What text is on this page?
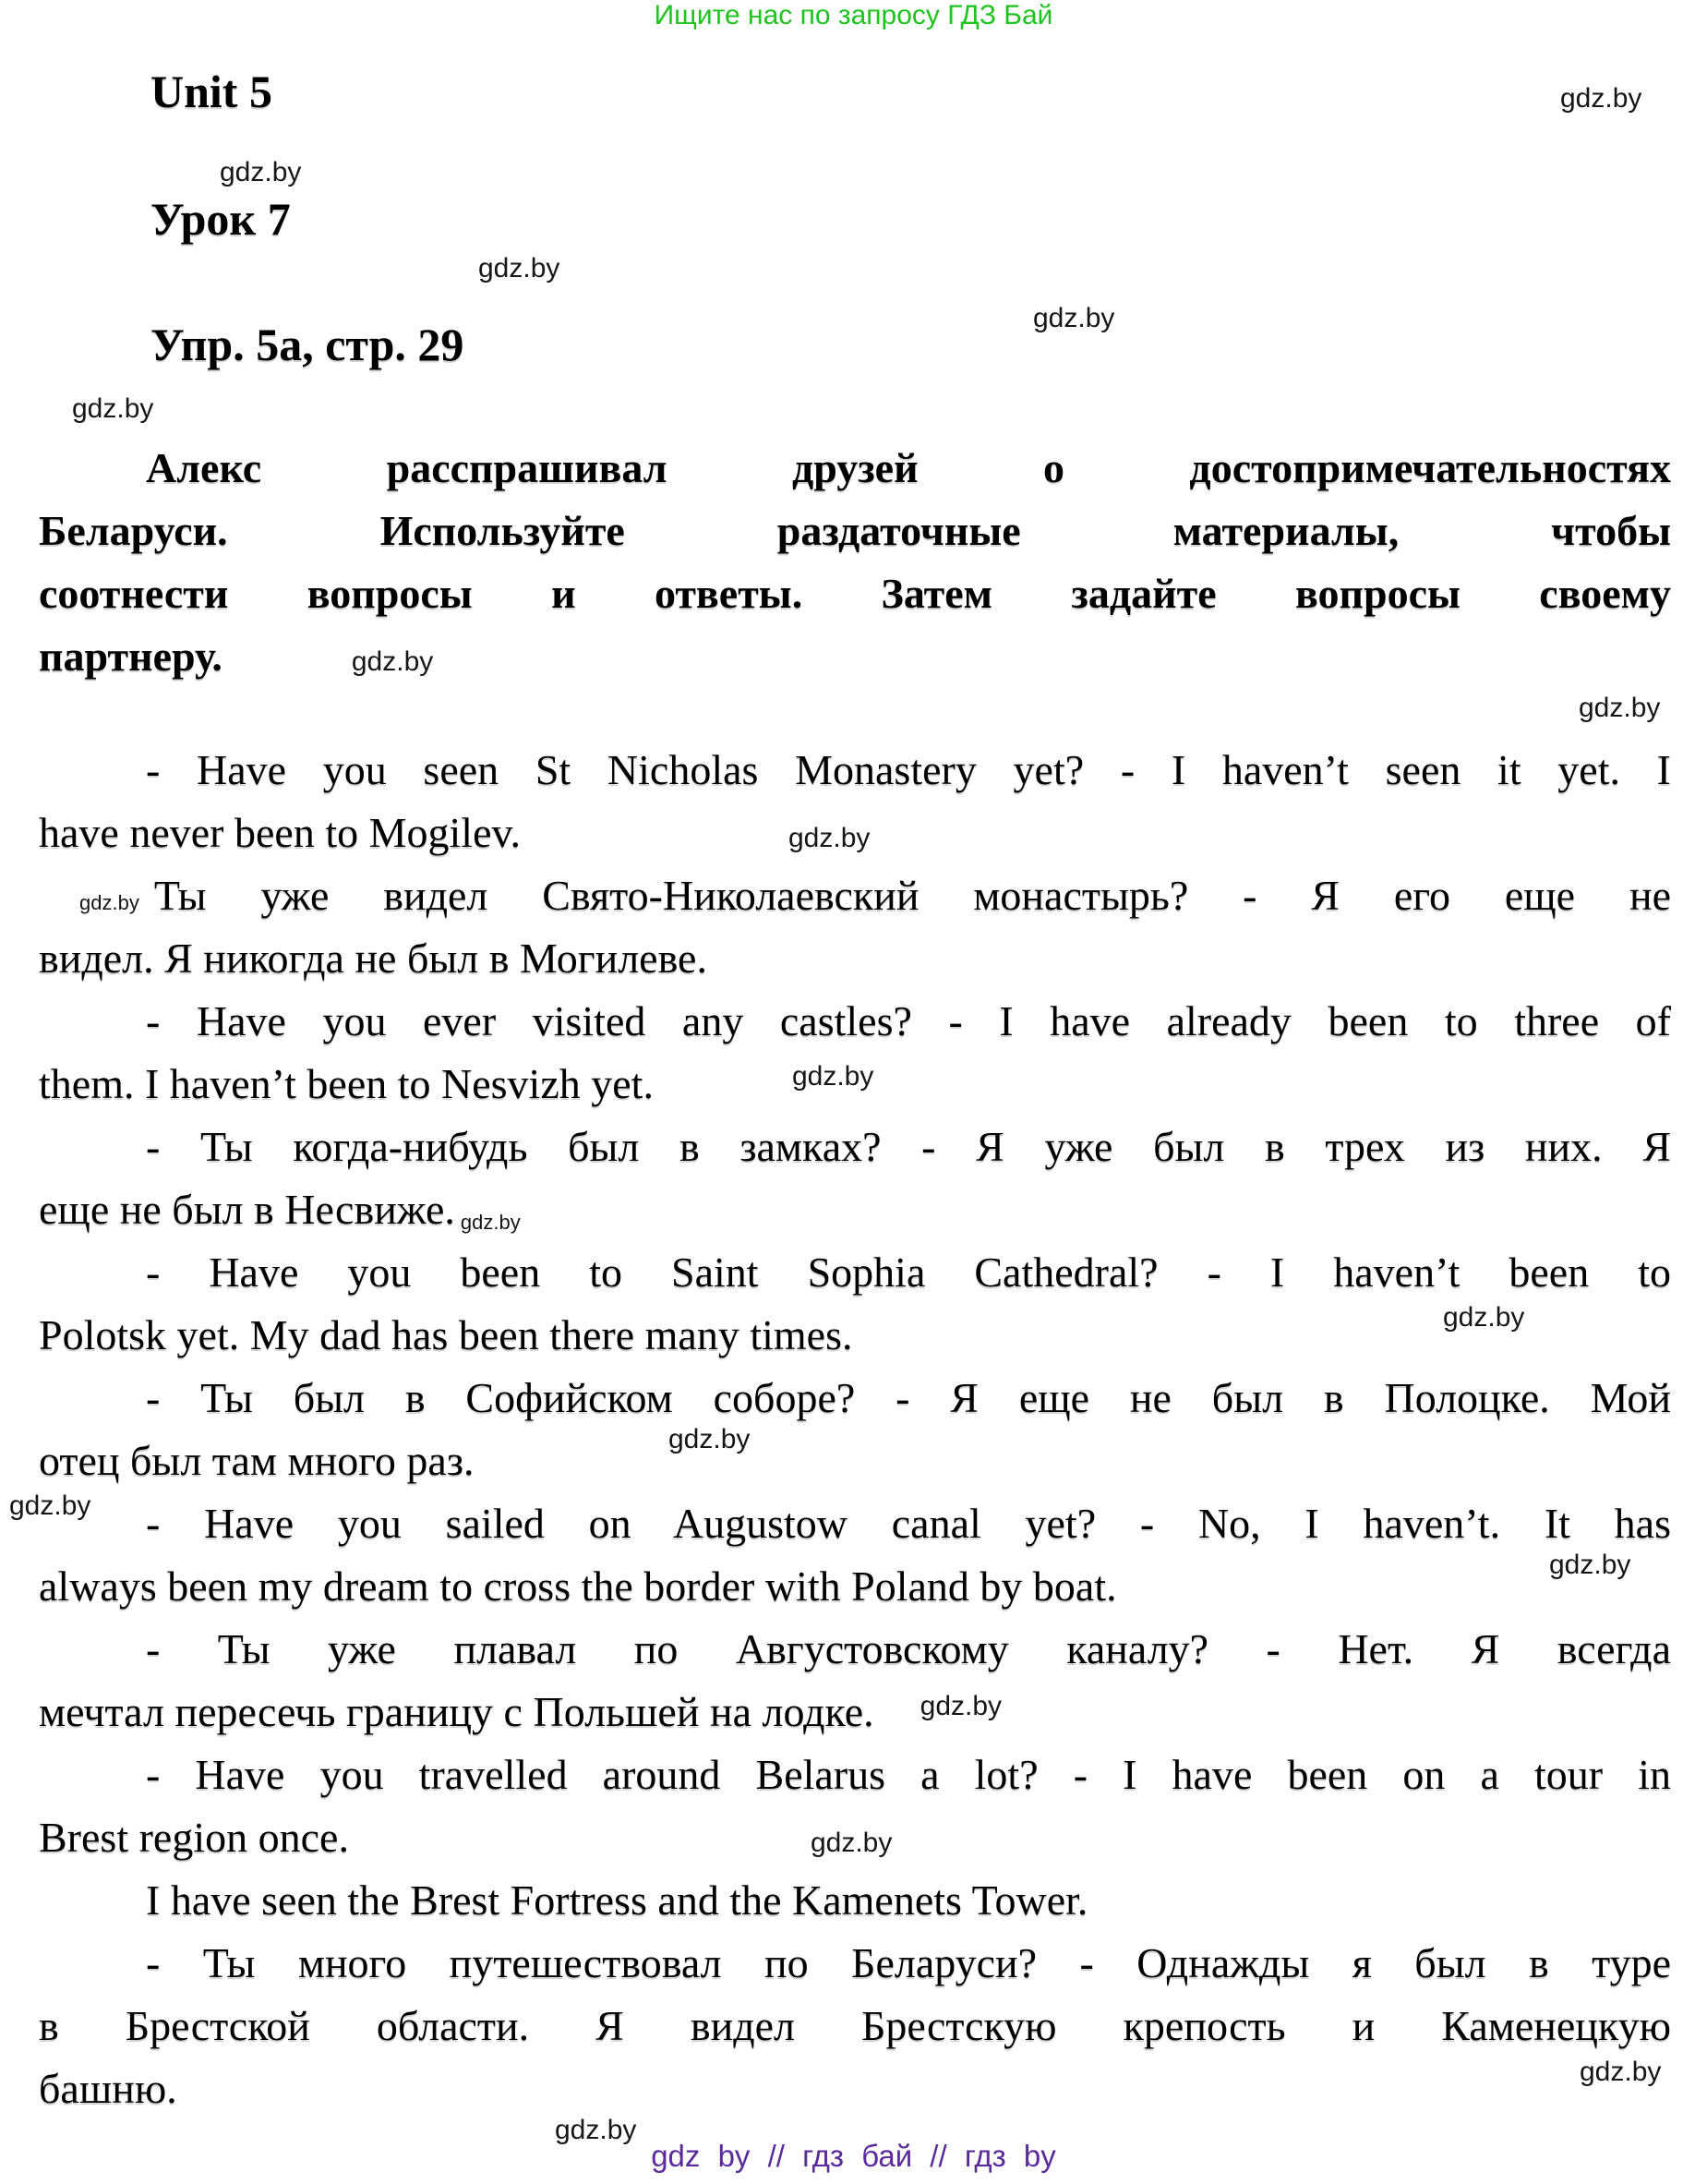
Ищите нас по запросу ГДЗ Бай
Unit 5
Урок 7
Упр. 5а, стр. 29
gdz.by
gdz.by
gdz.by
gdz.by
gdz.by
gdz.by
gdz.by
gdz.by
gdz.by
gdz.by
gdz.by
gdz.by
Алекс расспрашивал друзей о достопримечательностях
Беларуси. Используйте раздаточные материалы, чтобы
соотнести вопросы и ответы. Затем задайте вопросы своему
партнеру.	gdz.by
- Have you seen St Nicholas Monastery yet? - I haven’t seen it yet. I
have never been to Mogilev.	gdz.by
gdz.by Ты уже видел Свято-Николаевский монастырь? - Я его еще не
видел. Я никогда не был в Могилеве.
- Have you ever visited any castles? - I have already been to three of
them. I haven’t been to Nesvizh yet.	gdz.by
- Ты когда-нибудь был в замках? - Я уже был в трех из них. Я
еще не был в Несвиже. gdz.by
- Have you been to Saint Sophia Cathedral? - I haven’t been to
Polotsk yet. My dad has been there many times.
- Ты был в Софийском соборе? - Я еще не был в Полоцке. Мой
отец был там много раз.
- Have you sailed on Augustow canal yet? - No, I haven’t. It has
always been my dream to cross the border with Poland by boat.
- Ты уже плавал по Августовскому каналу? - Нет. Я всегда
мечтал пересечь границу с Польшей на лодке. gdz.by
- Have you travelled around Belarus a lot? - I have been on a tour in
Brest region once.	gdz.by
I have seen the Brest Fortress and the Kamenets Tower.
- Ты много путешествовал по Беларуси? - Однажды я был в туре
в Брестской области. Я видел Брестскую крепость и Каменецкую
башню.
gdz by // гдз бай // гдз by
